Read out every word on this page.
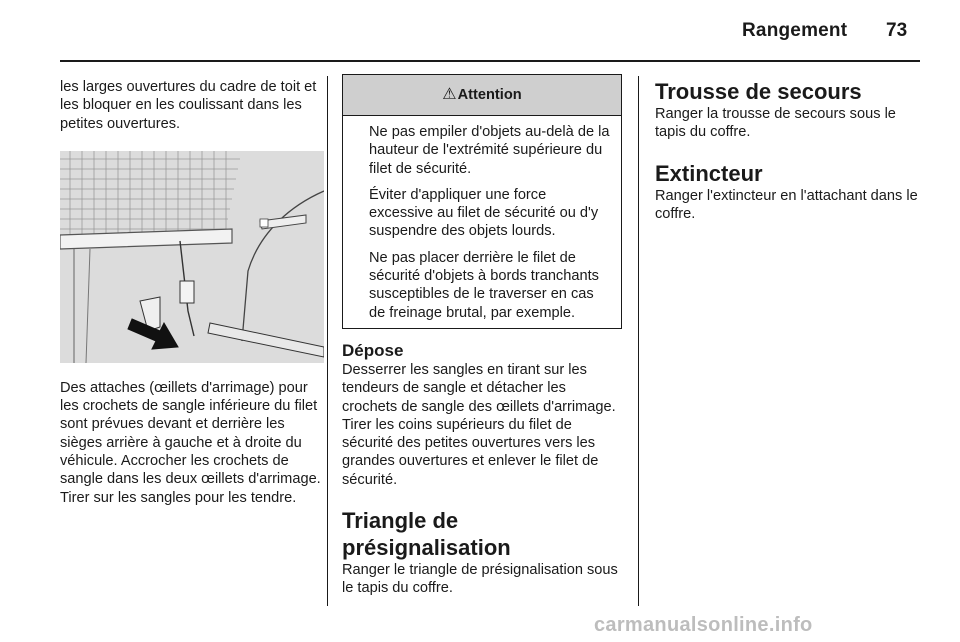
Rangement 73

les larges ouvertures du cadre de toit et les bloquer en les coulissant dans les petites ouvertures.

Des attaches (œillets d'arrimage) pour les crochets de sangle inférieure du filet sont prévues devant et derrière les sièges arrière à gauche et à droite du véhicule. Accrocher les crochets de sangle dans les deux œillets d'arrimage. Tirer sur les sangles pour les tendre.

⚠ Attention

Ne pas empiler d'objets au-delà de la hauteur de l'extrémité supérieure du filet de sécurité.

Éviter d'appliquer une force excessive au filet de sécurité ou d'y suspendre des objets lourds.

Ne pas placer derrière le filet de sécurité d'objets à bords tranchants susceptibles de le traverser en cas de freinage brutal, par exemple.

Dépose

Desserrer les sangles en tirant sur les tendeurs de sangle et détacher les crochets de sangle des œillets d'arrimage. Tirer les coins supérieurs du filet de sécurité des petites ouvertures vers les grandes ouvertures et enlever le filet de sécurité.

Triangle de présignalisation

Ranger le triangle de présignalisation sous le tapis du coffre.

Trousse de secours

Ranger la trousse de secours sous le tapis du coffre.

Extincteur

Ranger l'extincteur en l'attachant dans le coffre.

carmanualsonline.info
